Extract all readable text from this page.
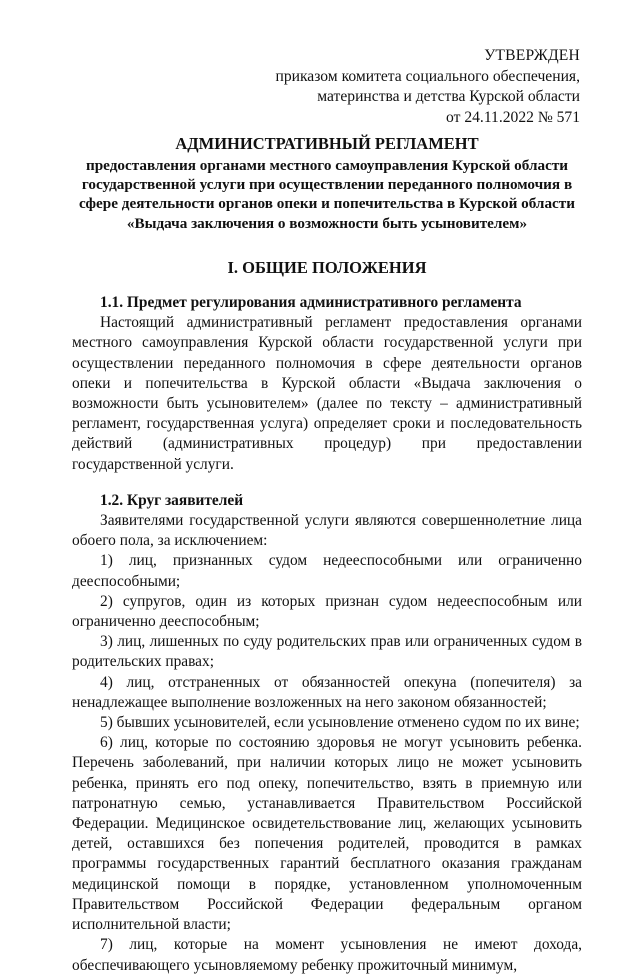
УТВЕРЖДЕН
приказом комитета социального обеспечения,
материнства и детства Курской области
от 24.11.2022 № 571
АДМИНИСТРАТИВНЫЙ РЕГЛАМЕНТ
предоставления органами местного самоуправления Курской области государственной услуги при осуществлении переданного полномочия в сфере деятельности органов опеки и попечительства в Курской области «Выдача заключения о возможности быть усыновителем»
I. ОБЩИЕ ПОЛОЖЕНИЯ

1.1. Предмет регулирования административного регламента

Настоящий административный регламент предоставления органами местного самоуправления Курской области государственной услуги при осуществлении переданного полномочия в сфере деятельности органов опеки и попечительства в Курской области «Выдача заключения о возможности быть усыновителем» (далее по тексту – административный регламент, государственная услуга) определяет сроки и последовательность действий (административных процедур) при предоставлении государственной услуги.

1.2. Круг заявителей

Заявителями государственной услуги являются совершеннолетние лица обоего пола, за исключением:

1) лиц, признанных судом недееспособными или ограниченно дееспособными;

2) супругов, один из которых признан судом недееспособным или ограниченно дееспособным;

3) лиц, лишенных по суду родительских прав или ограниченных судом в родительских правах;

4) лиц, отстраненных от обязанностей опекуна (попечителя) за ненадлежащее выполнение возложенных на него законом обязанностей;

5) бывших усыновителей, если усыновление отменено судом по их вине;

6) лиц, которые по состоянию здоровья не могут усыновить ребенка. Перечень заболеваний, при наличии которых лицо не может усыновить ребенка, принять его под опеку, попечительство, взять в приемную или патронатную семью, устанавливается Правительством Российской Федерации. Медицинское освидетельствование лиц, желающих усыновить детей, оставшихся без попечения родителей, проводится в рамках программы государственных гарантий бесплатного оказания гражданам медицинской помощи в порядке, установленном уполномоченным Правительством Российской Федерации федеральным органом исполнительной власти;

7) лиц, которые на момент усыновления не имеют дохода, обеспечивающего усыновляемому ребенку прожиточный минимум,
